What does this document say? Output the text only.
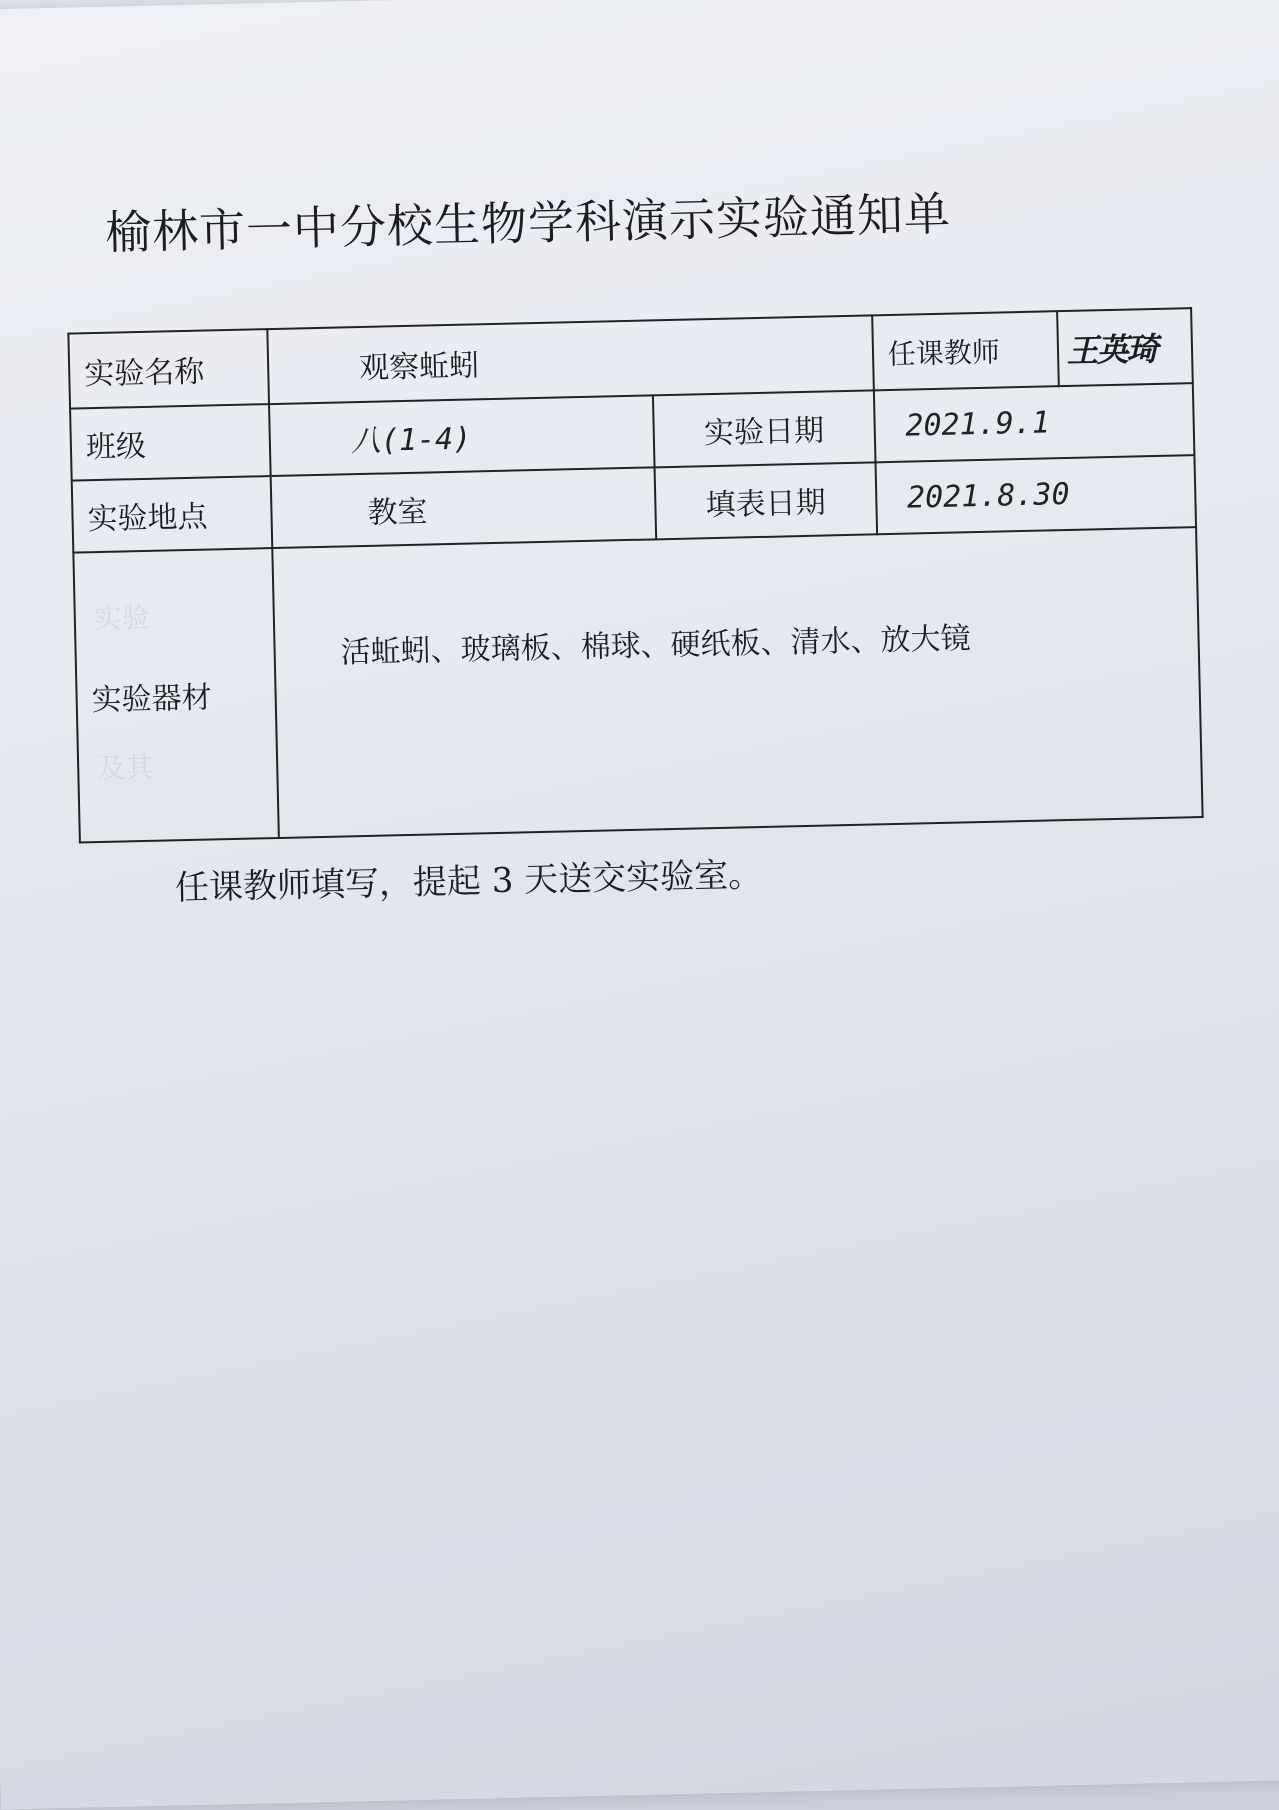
实验
及其
榆林市一中分校生物学科演示实验通知单
实验名称	观察蚯蚓		任课教师	王英琦
班级	八(1-4)	实验日期	2021.9.1	
实验地点	教室	填表日期	2021.8.30	
实验器材	活蚯蚓、玻璃板、棉球、硬纸板、清水、放大镜			
任课教师填写，提起 3 天送交实验室。
